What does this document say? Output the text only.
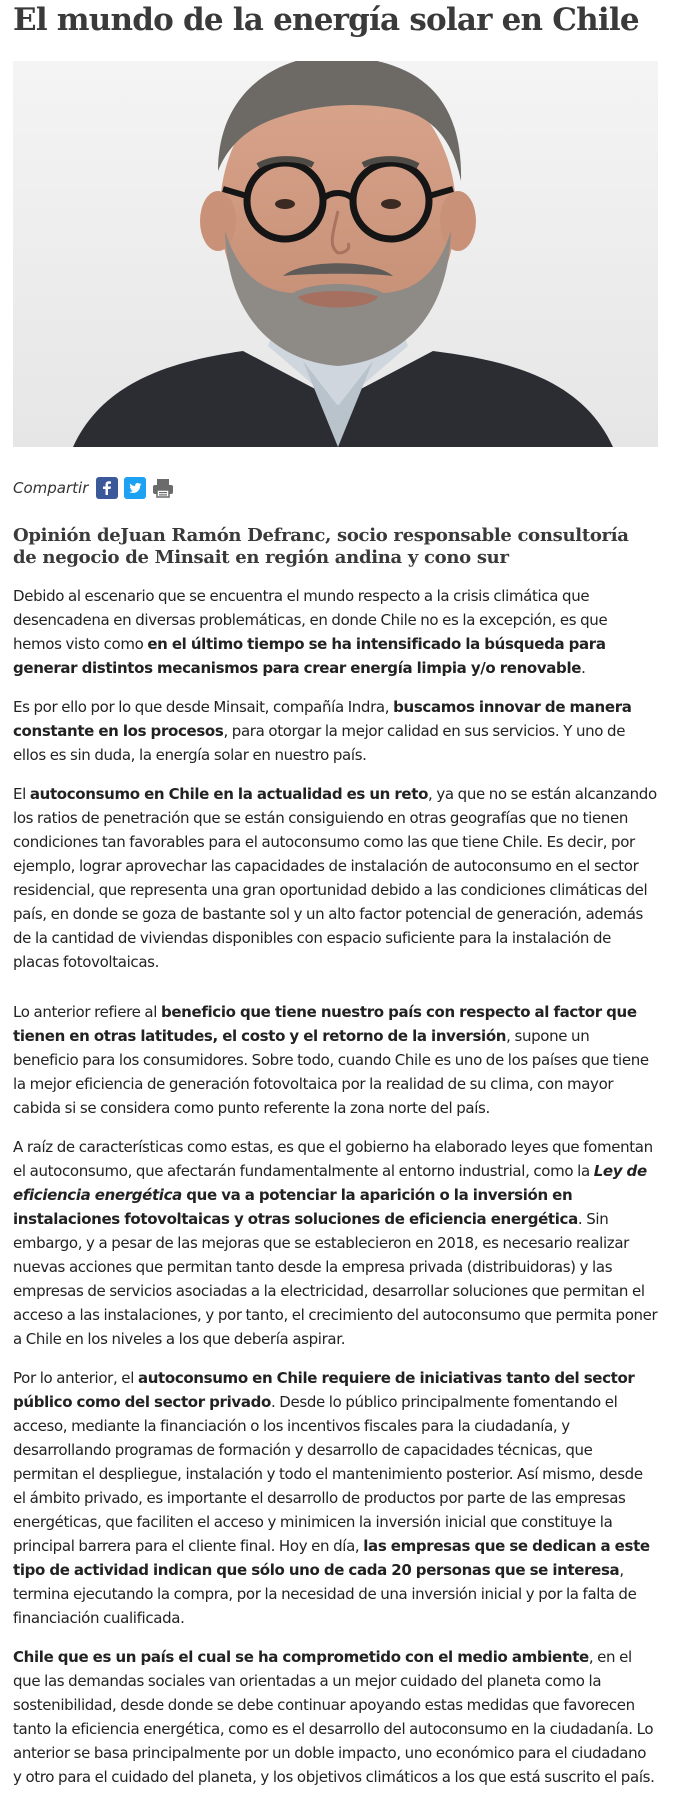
El mundo de la energía solar en Chile
Compartir
Opinión deJuan Ramón Defranc, socio responsable consultoría de negocio de Minsait en región andina y cono sur

Debido al escenario que se encuentra el mundo respecto a la crisis climática que desencadena en diversas problemáticas, en donde Chile no es la excepción, es que hemos visto como en el último tiempo se ha intensificado la búsqueda para generar distintos mecanismos para crear energía limpia y/o renovable.

Es por ello por lo que desde Minsait, compañía Indra, buscamos innovar de manera constante en los procesos, para otorgar la mejor calidad en sus servicios. Y uno de ellos es sin duda, la energía solar en nuestro país.

El autoconsumo en Chile en la actualidad es un reto, ya que no se están alcanzando los ratios de penetración que se están consiguiendo en otras geografías que no tienen condiciones tan favorables para el autoconsumo como las que tiene Chile. Es decir, por ejemplo, lograr aprovechar las capacidades de instalación de autoconsumo en el sector residencial, que representa una gran oportunidad debido a las condiciones climáticas del país, en donde se goza de bastante sol y un alto factor potencial de generación, además de la cantidad de viviendas disponibles con espacio suficiente para la instalación de placas fotovoltaicas.

Lo anterior refiere al beneficio que tiene nuestro país con respecto al factor que tienen en otras latitudes, el costo y el retorno de la inversión, supone un beneficio para los consumidores. Sobre todo, cuando Chile es uno de los países que tiene la mejor eficiencia de generación fotovoltaica por la realidad de su clima, con mayor cabida si se considera como punto referente la zona norte del país.

A raíz de características como estas, es que el gobierno ha elaborado leyes que fomentan el autoconsumo, que afectarán fundamentalmente al entorno industrial, como la Ley de eficiencia energética que va a potenciar la aparición o la inversión en instalaciones fotovoltaicas y otras soluciones de eficiencia energética. Sin embargo, y a pesar de las mejoras que se establecieron en 2018, es necesario realizar nuevas acciones que permitan tanto desde la empresa privada (distribuidoras) y las empresas de servicios asociadas a la electricidad, desarrollar soluciones que permitan el acceso a las instalaciones, y por tanto, el crecimiento del autoconsumo que permita poner a Chile en los niveles a los que debería aspirar.

Por lo anterior, el autoconsumo en Chile requiere de iniciativas tanto del sector público como del sector privado. Desde lo público principalmente fomentando el acceso, mediante la financiación o los incentivos fiscales para la ciudadanía, y desarrollando programas de formación y desarrollo de capacidades técnicas, que permitan el despliegue, instalación y todo el mantenimiento posterior. Así mismo, desde el ámbito privado, es importante el desarrollo de productos por parte de las empresas energéticas, que faciliten el acceso y minimicen la inversión inicial que constituye la principal barrera para el cliente final. Hoy en día, las empresas que se dedican a este tipo de actividad indican que sólo uno de cada 20 personas que se interesa, termina ejecutando la compra, por la necesidad de una inversión inicial y por la falta de financiación cualificada.

Chile que es un país el cual se ha comprometido con el medio ambiente, en el que las demandas sociales van orientadas a un mejor cuidado del planeta como la sostenibilidad, desde donde se debe continuar apoyando estas medidas que favorecen tanto la eficiencia energética, como es el desarrollo del autoconsumo en la ciudadanía. Lo anterior se basa principalmente por un doble impacto, uno económico para el ciudadano y otro para el cuidado del planeta, y los objetivos climáticos a los que está suscrito el país.
